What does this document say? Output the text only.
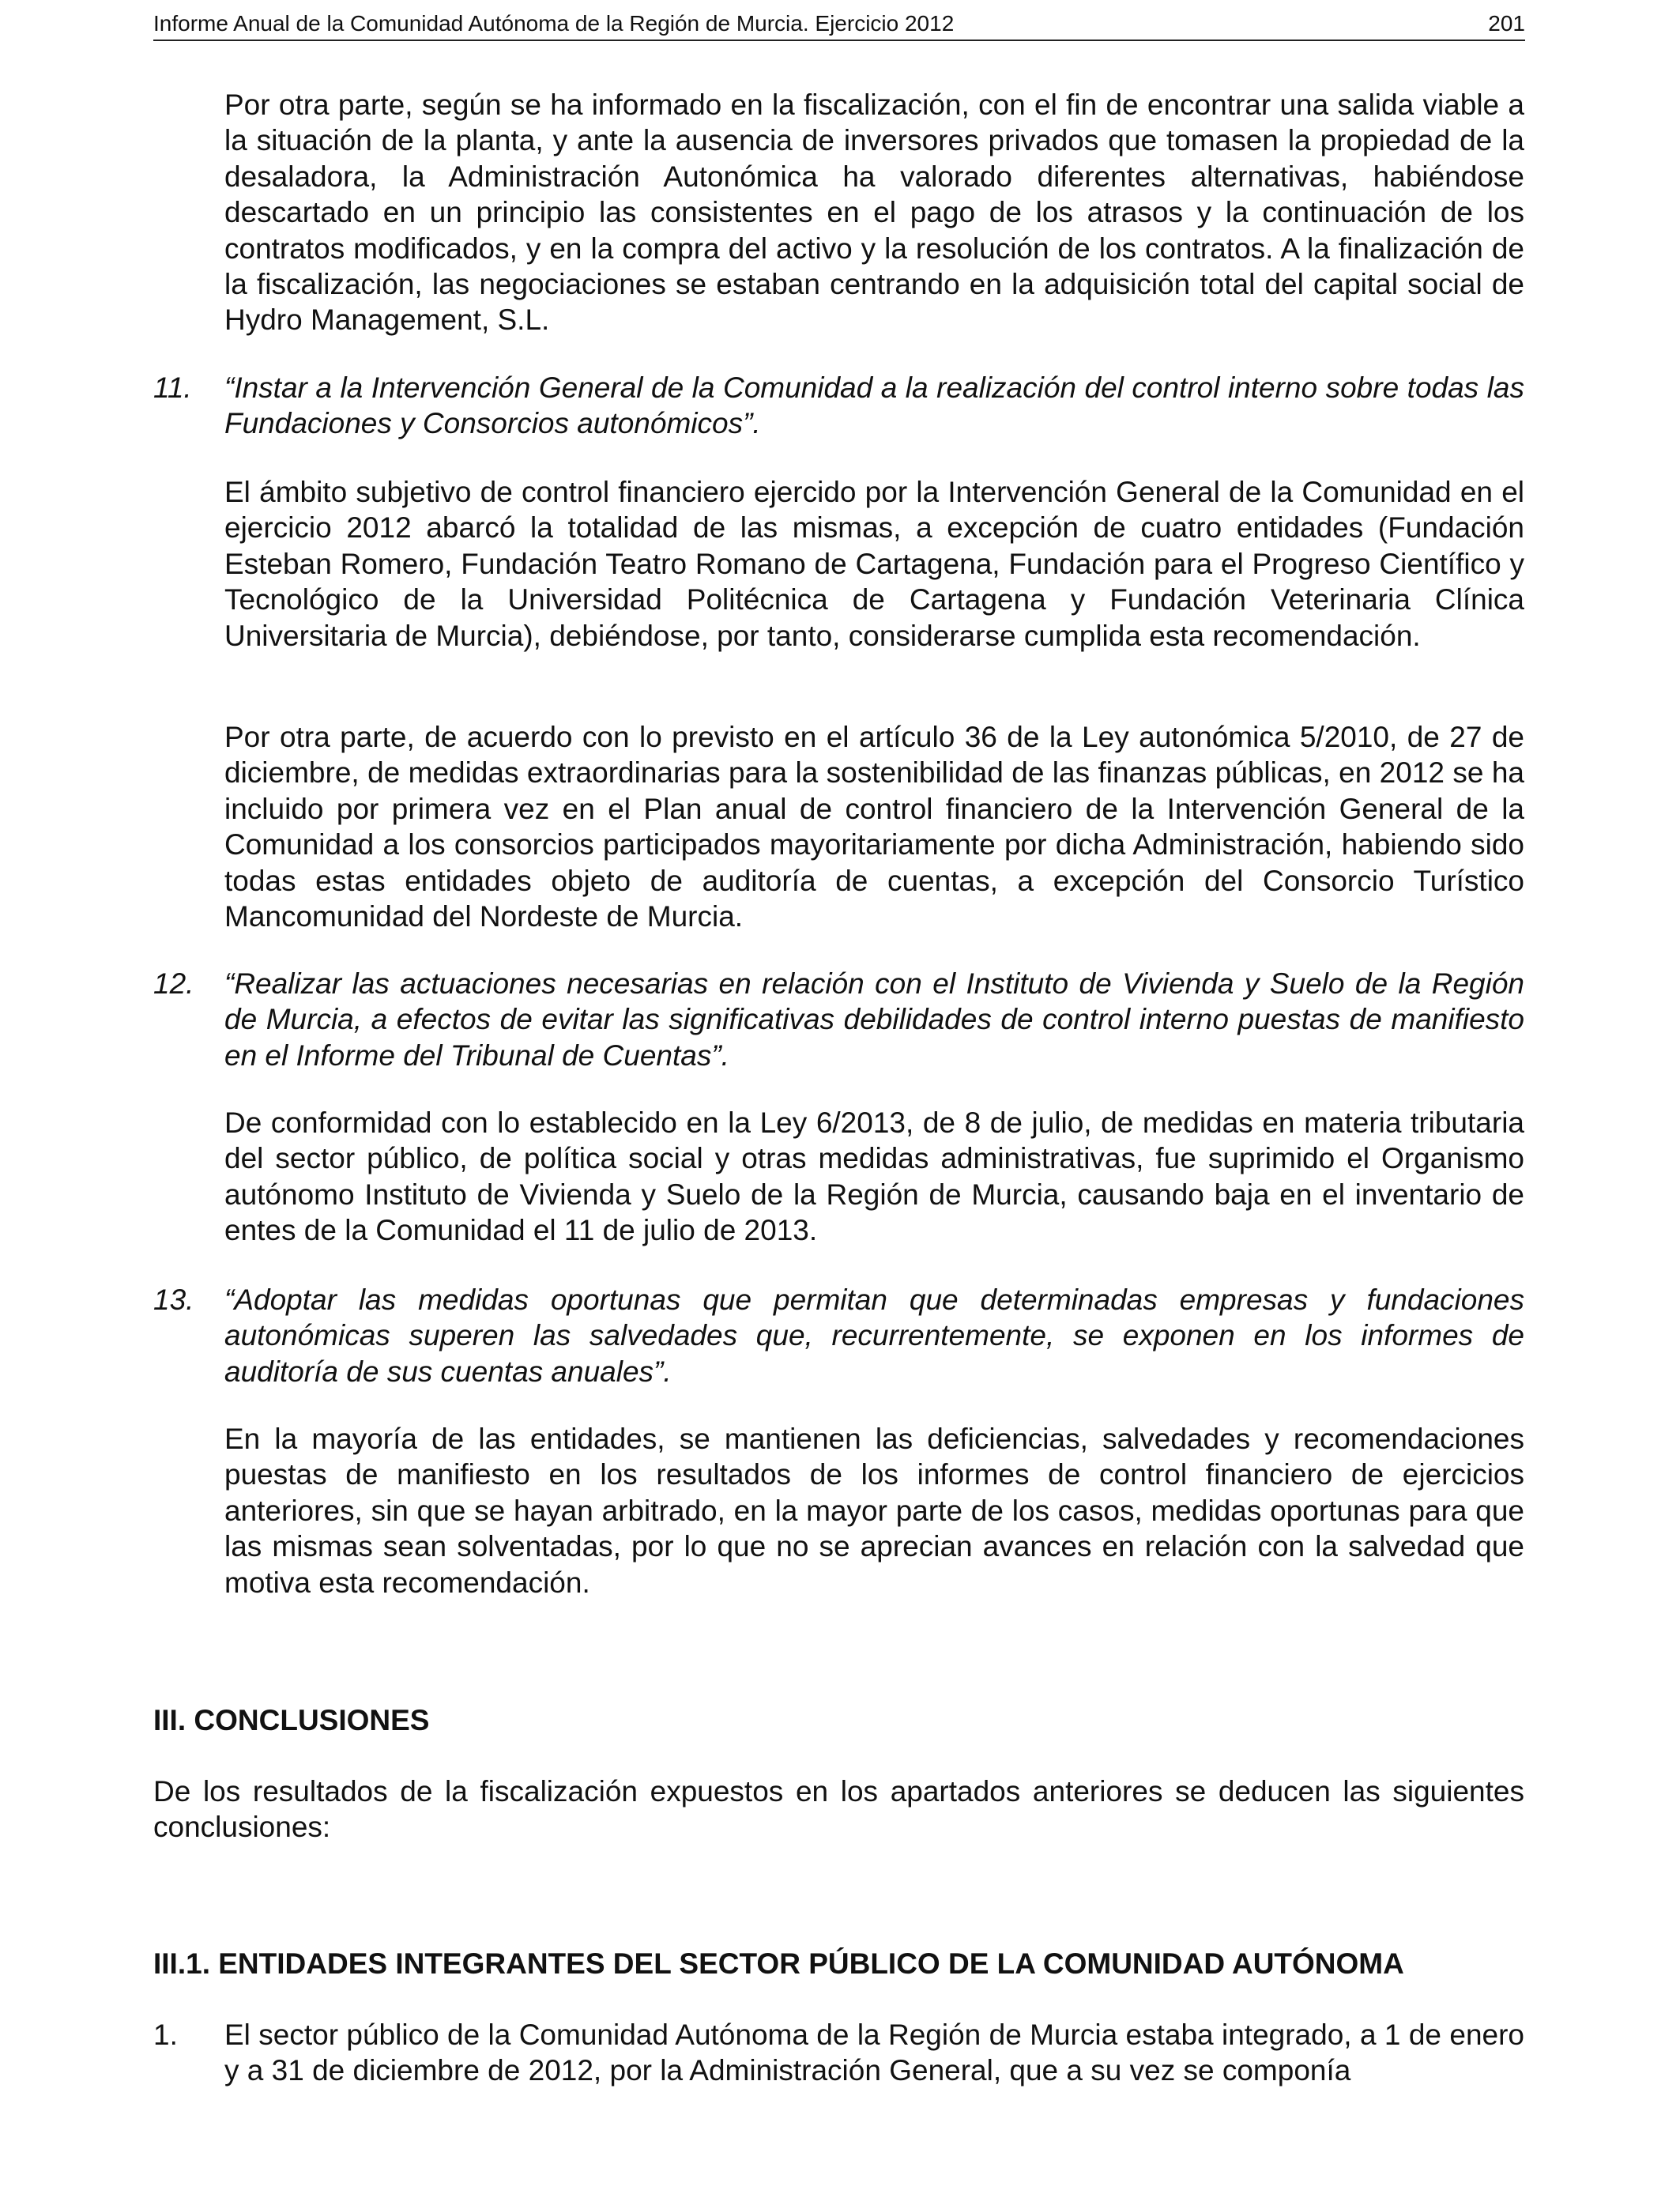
Informe Anual de la Comunidad Autónoma de la Región de Murcia. Ejercicio 2012	201

Por otra parte, según se ha informado en la fiscalización, con el fin de encontrar una salida viable a la situación de la planta, y ante la ausencia de inversores privados que tomasen la propiedad de la desaladora, la Administración Autonómica ha valorado diferentes alternativas, habiéndose descartado en un principio las consistentes en el pago de los atrasos y la continuación de los contratos modificados, y en la compra del activo y la resolución de los contratos. A la finalización de la fiscalización, las negociaciones se estaban centrando en la adquisición total del capital social de Hydro Management, S.L.

11. “Instar a la Intervención General de la Comunidad a la realización del control interno sobre todas las Fundaciones y Consorcios autonómicos”.

El ámbito subjetivo de control financiero ejercido por la Intervención General de la Comunidad en el ejercicio 2012 abarcó la totalidad de las mismas, a excepción de cuatro entidades (Fundación Esteban Romero, Fundación Teatro Romano de Cartagena, Fundación para el Progreso Científico y Tecnológico de la Universidad Politécnica de Cartagena y Fundación Veterinaria Clínica Universitaria de Murcia), debiéndose, por tanto, considerarse cumplida esta recomendación.

Por otra parte, de acuerdo con lo previsto en el artículo 36 de la Ley autonómica 5/2010, de 27 de diciembre, de medidas extraordinarias para la sostenibilidad de las finanzas públicas, en 2012 se ha incluido por primera vez en el Plan anual de control financiero de la Intervención General de la Comunidad a los consorcios participados mayoritariamente por dicha Administración, habiendo sido todas estas entidades objeto de auditoría de cuentas, a excepción del Consorcio Turístico Mancomunidad del Nordeste de Murcia.

12. “Realizar las actuaciones necesarias en relación con el Instituto de Vivienda y Suelo de la Región de Murcia, a efectos de evitar las significativas debilidades de control interno puestas de manifiesto en el Informe del Tribunal de Cuentas”.

De conformidad con lo establecido en la Ley 6/2013, de 8 de julio, de medidas en materia tributaria del sector público, de política social y otras medidas administrativas, fue suprimido el Organismo autónomo Instituto de Vivienda y Suelo de la Región de Murcia, causando baja en el inventario de entes de la Comunidad el 11 de julio de 2013.

13. “Adoptar las medidas oportunas que permitan que determinadas empresas y fundaciones autonómicas superen las salvedades que, recurrentemente, se exponen en los informes de auditoría de sus cuentas anuales”.

En la mayoría de las entidades, se mantienen las deficiencias, salvedades y recomendaciones puestas de manifiesto en los resultados de los informes de control financiero de ejercicios anteriores, sin que se hayan arbitrado, en la mayor parte de los casos, medidas oportunas para que las mismas sean solventadas, por lo que no se aprecian avances en relación con la salvedad que motiva esta recomendación.

III. CONCLUSIONES

De los resultados de la fiscalización expuestos en los apartados anteriores se deducen las siguientes conclusiones:

III.1. ENTIDADES INTEGRANTES DEL SECTOR PÚBLICO DE LA COMUNIDAD AUTÓNOMA
1. El sector público de la Comunidad Autónoma de la Región de Murcia estaba integrado, a 1 de enero y a 31 de diciembre de 2012, por la Administración General, que a su vez se componía
